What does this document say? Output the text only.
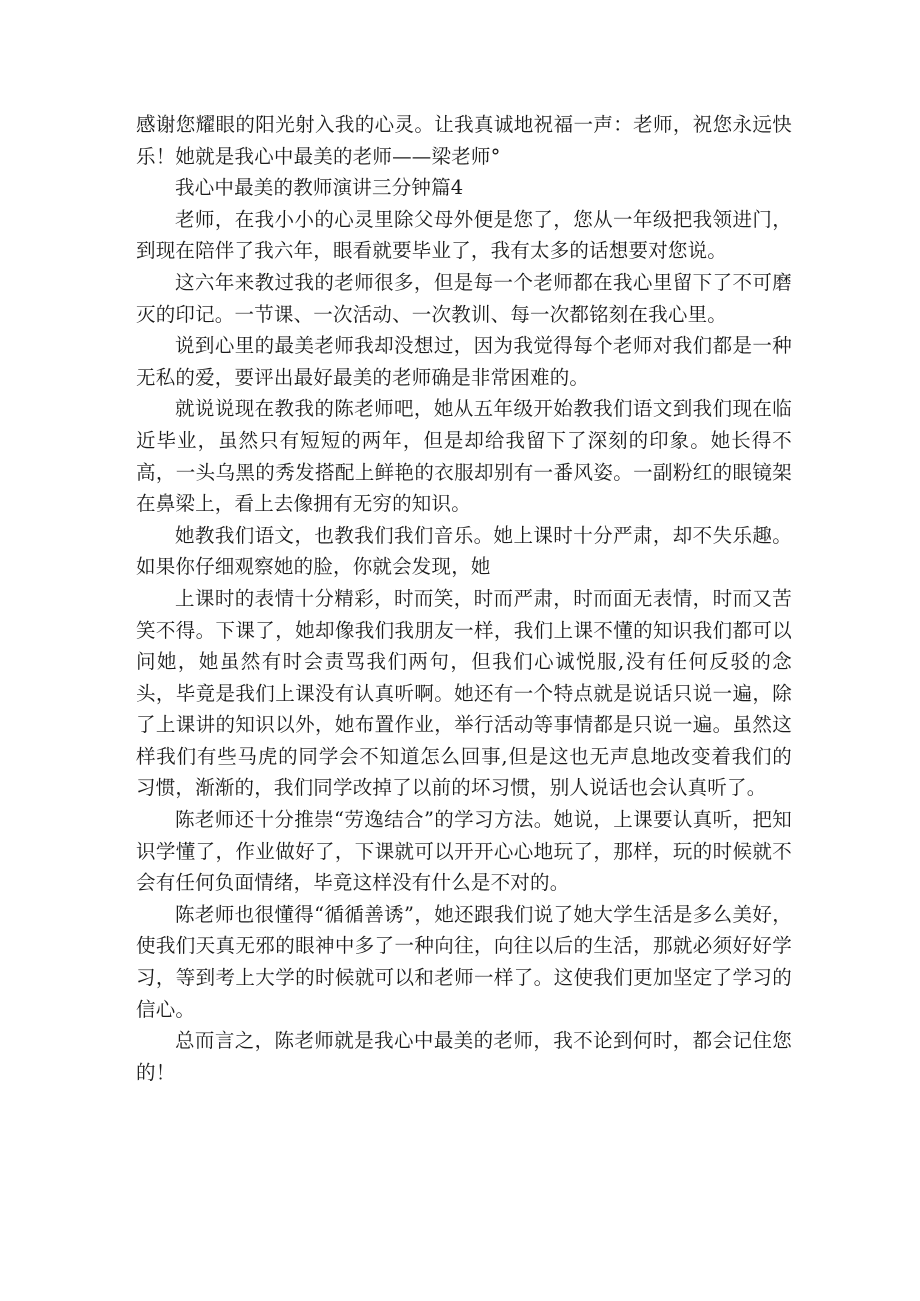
感谢您耀眼的阳光射入我的心灵。让我真诚地祝福一声：老师，祝您永远快乐！她就是我心中最美的老师——梁老师°

我心中最美的教师演讲三分钟篇4

老师，在我小小的心灵里除父母外便是您了，您从一年级把我领进门，到现在陪伴了我六年，眼看就要毕业了，我有太多的话想要对您说。

这六年来教过我的老师很多，但是每一个老师都在我心里留下了不可磨灭的印记。一节课、一次活动、一次教训、每一次都铭刻在我心里。

说到心里的最美老师我却没想过，因为我觉得每个老师对我们都是一种无私的爱，要评出最好最美的老师确是非常困难的。

就说说现在教我的陈老师吧，她从五年级开始教我们语文到我们现在临近毕业，虽然只有短短的两年，但是却给我留下了深刻的印象。她长得不高，一头乌黑的秀发搭配上鲜艳的衣服却别有一番风姿。一副粉红的眼镜架在鼻梁上，看上去像拥有无穷的知识。

她教我们语文，也教我们我们音乐。她上课时十分严肃，却不失乐趣。如果你仔细观察她的脸，你就会发现，她

上课时的表情十分精彩，时而笑，时而严肃，时而面无表情，时而又苦笑不得。下课了，她却像我们我朋友一样，我们上课不懂的知识我们都可以问她，她虽然有时会责骂我们两句，但我们心诚悦服,没有任何反驳的念头，毕竟是我们上课没有认真听啊。她还有一个特点就是说话只说一遍，除了上课讲的知识以外，她布置作业，举行活动等事情都是只说一遍。虽然这样我们有些马虎的同学会不知道怎么回事,但是这也无声息地改变着我们的习惯，渐渐的，我们同学改掉了以前的坏习惯，别人说话也会认真听了。

陈老师还十分推崇“劳逸结合”的学习方法。她说，上课要认真听，把知识学懂了，作业做好了，下课就可以开开心心地玩了，那样，玩的时候就不会有任何负面情绪，毕竟这样没有什么是不对的。

陈老师也很懂得“循循善诱”，她还跟我们说了她大学生活是多么美好，使我们天真无邪的眼神中多了一种向往，向往以后的生活，那就必须好好学习，等到考上大学的时候就可以和老师一样了。这使我们更加坚定了学习的信心。

总而言之，陈老师就是我心中最美的老师，我不论到何时，都会记住您的！
